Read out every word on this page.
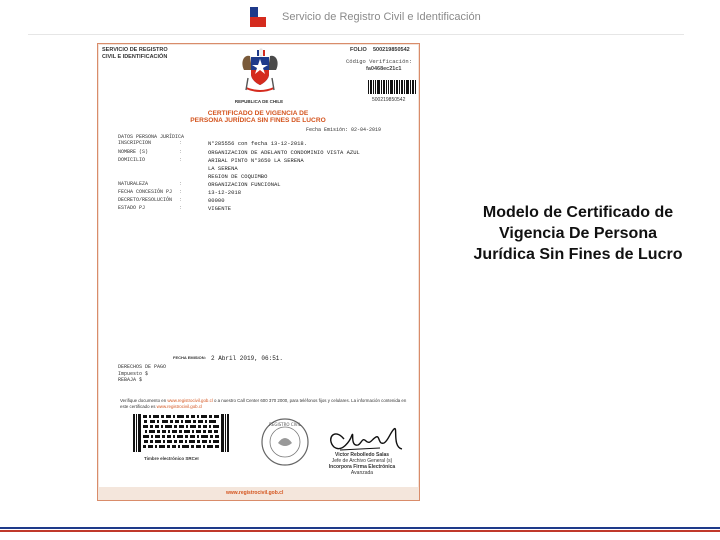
Servicio de Registro Civil e Identificación
SERVICIO DE REGISTRO
CIVIL E IDENTIFICACIÓN
REPUBLICA DE CHILE
FOLIO 500219850542
Código Verificación:
fa0468ec21c1
500219850542
CERTIFICADO DE VIGENCIA DE
PERSONA JURÍDICA SIN FINES DE LUCRO
Fecha Emisión: 02-04-2019
DATOS PERSONA JURÍDICA
INSCRIPCION	:	N°285556 con fecha 13-12-2018.
NOMBRE (S)	:	ORGANIZACION DE ADELANTO CONDOMINIO VISTA AZUL
DOMICILIO	:	ARIBAL PINTO N°3650 LA SERENA
LA SERENA
REGION DE COQUIMBO
NATURALEZA	:	ORGANIZACION FUNCIONAL
FECHA CONCESIÓN PJ :	13-12-2018
DECRETO/RESOLUCIÓN :	00000
ESTADO PJ	:	VIGENTE
FECHA EMISION: 2 Abril 2019, 06:51.
DERECHOS DE PAGO
Impuesto $
REBAJA $
Verifique documento en www.registrocivil.gob.cl o a nuestro Call Center 600 370 2000, para teléfonos fijos y celulares. La información contenida en este certificado es www.registrocivil.gob.cl
Timbre electrónico SRCeI
REGISTRO CIVIL
Victor Rebolledo Salas
Jefe de Archivo General (s)
Incorpora Firma Electrónica
Avanzada
www.registrocivil.gob.cl
Modelo de Certificado de Vigencia De Persona Jurídica Sin Fines de Lucro
